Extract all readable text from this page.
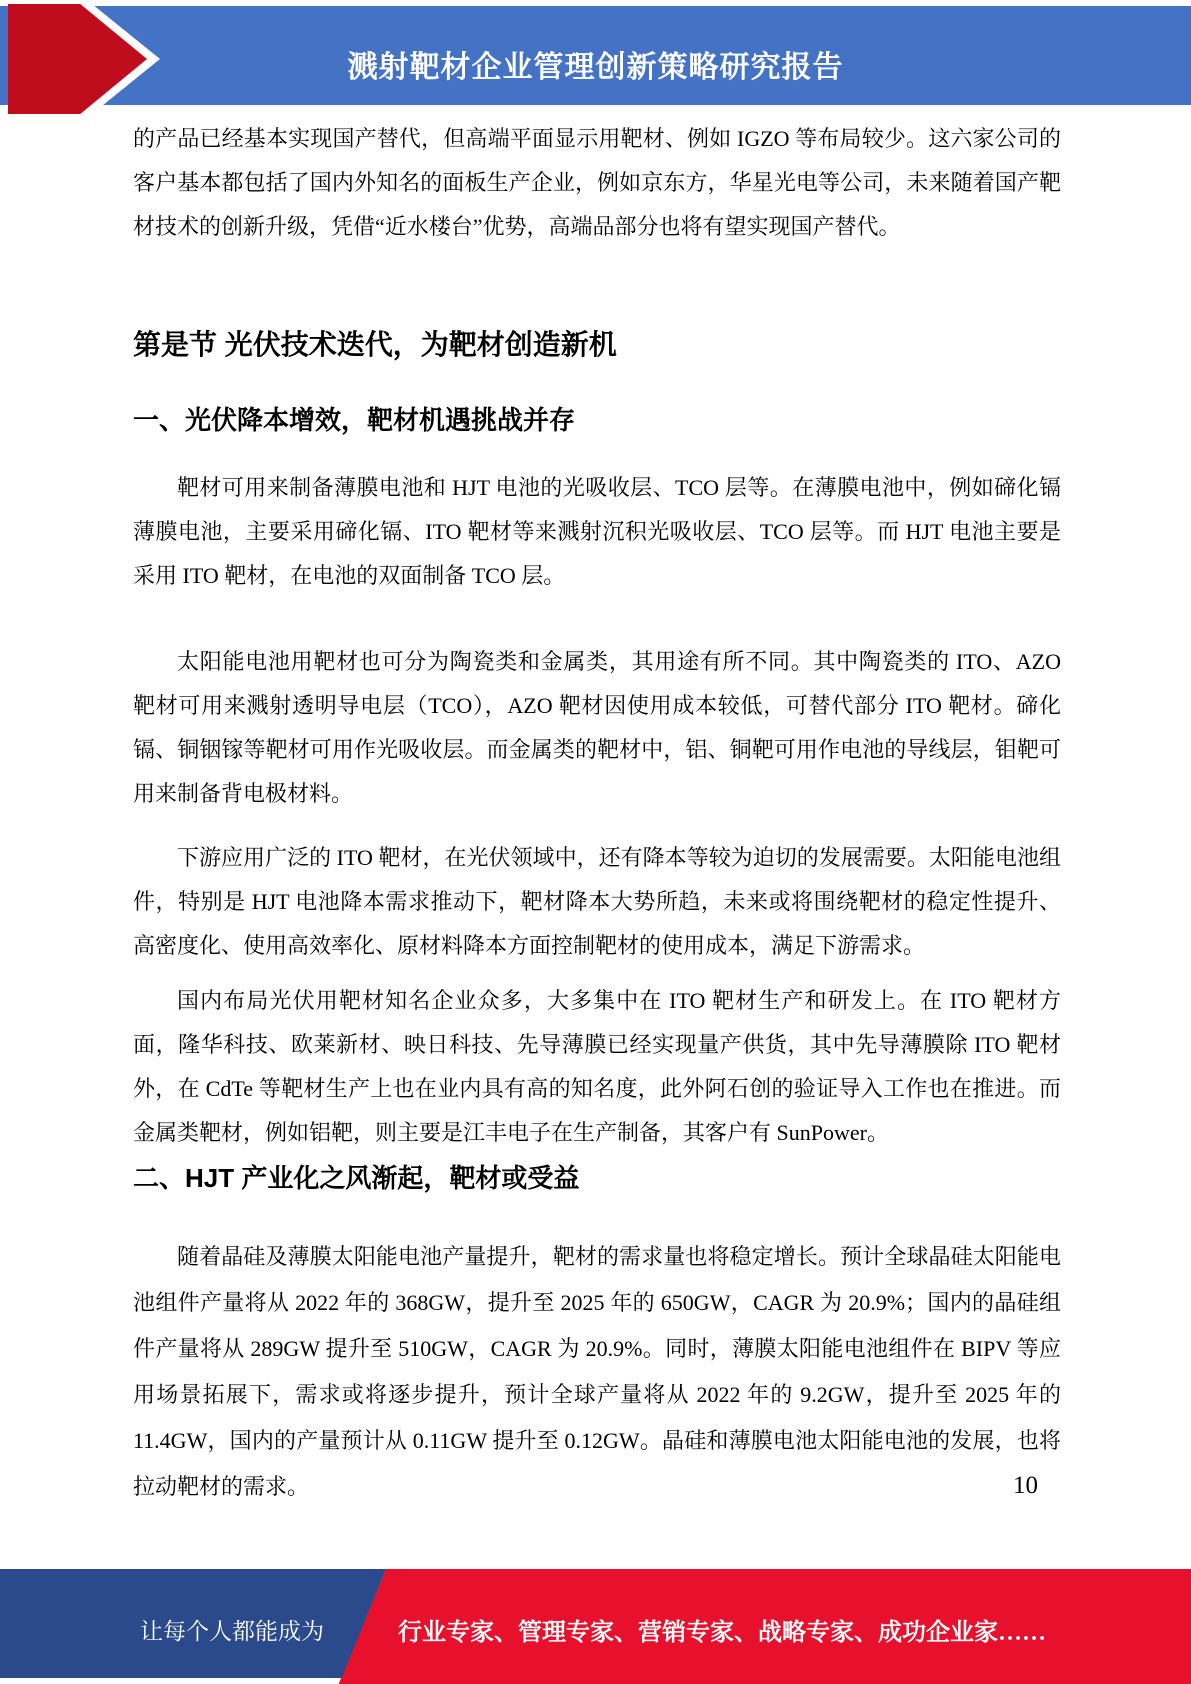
溅射靶材企业管理创新策略研究报告
的产品已经基本实现国产替代，但高端平面显示用靶材、例如 IGZO 等布局较少。这六家公司的客户基本都包括了国内外知名的面板生产企业，例如京东方，华星光电等公司，未来随着国产靶材技术的创新升级，凭借“近水楼台”优势，高端品部分也将有望实现国产替代。
第是节 光伏技术迭代，为靶材创造新机
一、光伏降本增效，靶材机遇挑战并存
靶材可用来制备薄膜电池和 HJT 电池的光吸收层、TCO 层等。在薄膜电池中，例如碲化镉薄膜电池，主要采用碲化镉、ITO 靶材等来溅射沉积光吸收层、TCO 层等。而 HJT 电池主要是采用 ITO 靶材，在电池的双面制备 TCO 层。
太阳能电池用靶材也可分为陶瓷类和金属类，其用途有所不同。其中陶瓷类的 ITO、AZO 靶材可用来溅射透明导电层（TCO），AZO 靶材因使用成本较低，可替代部分 ITO 靶材。碲化镉、铜铟镓等靶材可用作光吸收层。而金属类的靶材中，铝、铜靶可用作电池的导线层，钼靶可用来制备背电极材料。
下游应用广泛的 ITO 靶材，在光伏领域中，还有降本等较为迫切的发展需要。太阳能电池组件，特别是 HJT 电池降本需求推动下，靶材降本大势所趋，未来或将围绕靶材的稳定性提升、高密度化、使用高效率化、原材料降本方面控制靶材的使用成本，满足下游需求。
国内布局光伏用靶材知名企业众多，大多集中在 ITO 靶材生产和研发上。在 ITO 靶材方面，隆华科技、欧莱新材、映日科技、先导薄膜已经实现量产供货，其中先导薄膜除 ITO 靶材外，在 CdTe 等靶材生产上也在业内具有高的知名度，此外阿石创的验证导入工作也在推进。而金属类靶材，例如铝靶，则主要是江丰电子在生产制备，其客户有 SunPower。
二、HJT 产业化之风渐起，靶材或受益
随着晶硅及薄膜太阳能电池产量提升，靶材的需求量也将稳定增长。预计全球晶硅太阳能电池组件产量将从 2022 年的 368GW，提升至 2025 年的 650GW，CAGR 为 20.9%；国内的晶硅组件产量将从 289GW 提升至 510GW，CAGR 为 20.9%。同时，薄膜太阳能电池组件在 BIPV 等应用场景拓展下，需求或将逐步提升，预计全球产量将从 2022 年的 9.2GW，提升至 2025 年的 11.4GW，国内的产量预计从 0.11GW 提升至 0.12GW。晶硅和薄膜电池太阳能电池的发展，也将拉动靶材的需求。	10
让每个人都能成为	行业专家、管理专家、营销专家、战略专家、成功企业家……
